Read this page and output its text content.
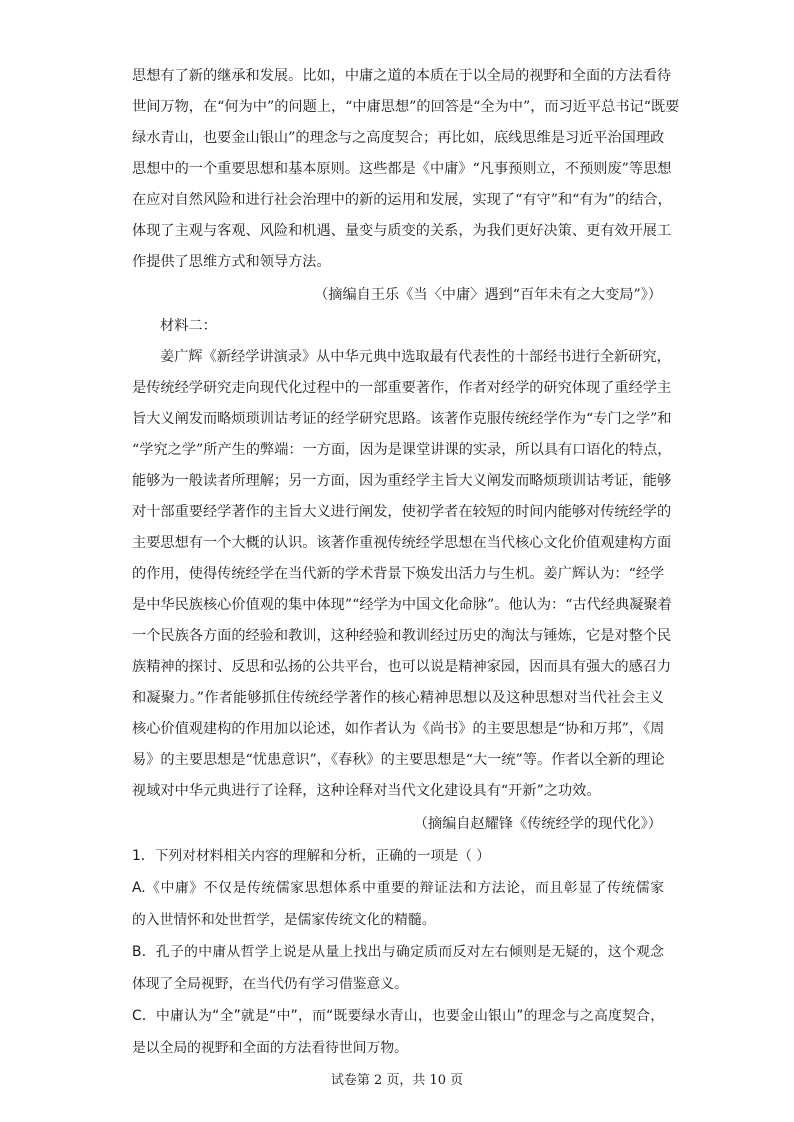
思想有了新的继承和发展。比如，中庸之道的本质在于以全局的视野和全面的方法看待
世间万物，在“何为中”的问题上，“中庸思想”的回答是“全为中”，而习近平总书记“既要
绿水青山，也要金山银山”的理念与之高度契合；再比如，底线思维是习近平治国理政
思想中的一个重要思想和基本原则。这些都是《中庸》“凡事预则立，不预则废”等思想
在应对自然风险和进行社会治理中的新的运用和发展，实现了“有守”和“有为”的结合，
体现了主观与客观、风险和机遇、量变与质变的关系，为我们更好决策、更有效开展工
作提供了思维方式和领导方法。
（摘编自王乐《当〈中庸〉遇到“百年未有之大变局”》）
材料二：
姜广辉《新经学讲演录》从中华元典中选取最有代表性的十部经书进行全新研究，
是传统经学研究走向现代化过程中的一部重要著作，作者对经学的研究体现了重经学主
旨大义阐发而略烦琐训诂考证的经学研究思路。该著作克服传统经学作为“专门之学”和
“学究之学”所产生的弊端：一方面，因为是课堂讲课的实录，所以具有口语化的特点，
能够为一般读者所理解；另一方面，因为重经学主旨大义阐发而略烦琐训诂考证，能够
对十部重要经学著作的主旨大义进行阐发，使初学者在较短的时间内能够对传统经学的
主要思想有一个大概的认识。该著作重视传统经学思想在当代核心文化价值观建构方面
的作用，使得传统经学在当代新的学术背景下焕发出活力与生机。姜广辉认为：“经学
是中华民族核心价值观的集中体现”“经学为中国文化命脉”。他认为：“古代经典凝聚着
一个民族各方面的经验和教训，这种经验和教训经过历史的淘汰与锤炼，它是对整个民
族精神的探讨、反思和弘扬的公共平台，也可以说是精神家园，因而具有强大的感召力
和凝聚力。”作者能够抓住传统经学著作的核心精神思想以及这种思想对当代社会主义
核心价值观建构的作用加以论述，如作者认为《尚书》的主要思想是“协和万邦”，《周
易》的主要思想是“忧患意识”，《春秋》的主要思想是“大一统”等。作者以全新的理论
视域对中华元典进行了诠释，这种诠释对当代文化建设具有“开新”之功效。
（摘编自赵耀锋《传统经学的现代化》）
1．下列对材料相关内容的理解和分析，正确的一项是（ ）
A.《中庸》不仅是传统儒家思想体系中重要的辩证法和方法论，而且彰显了传统儒家
的入世情怀和处世哲学，是儒家传统文化的精髓。
B．孔子的中庸从哲学上说是从量上找出与确定质而反对左右倾则是无疑的，这个观念
体现了全局视野，在当代仍有学习借鉴意义。
C．中庸认为“全”就是“中”，而“既要绿水青山，也要金山银山”的理念与之高度契合，
是以全局的视野和全面的方法看待世间万物。
试卷第 2 页，共 10 页
